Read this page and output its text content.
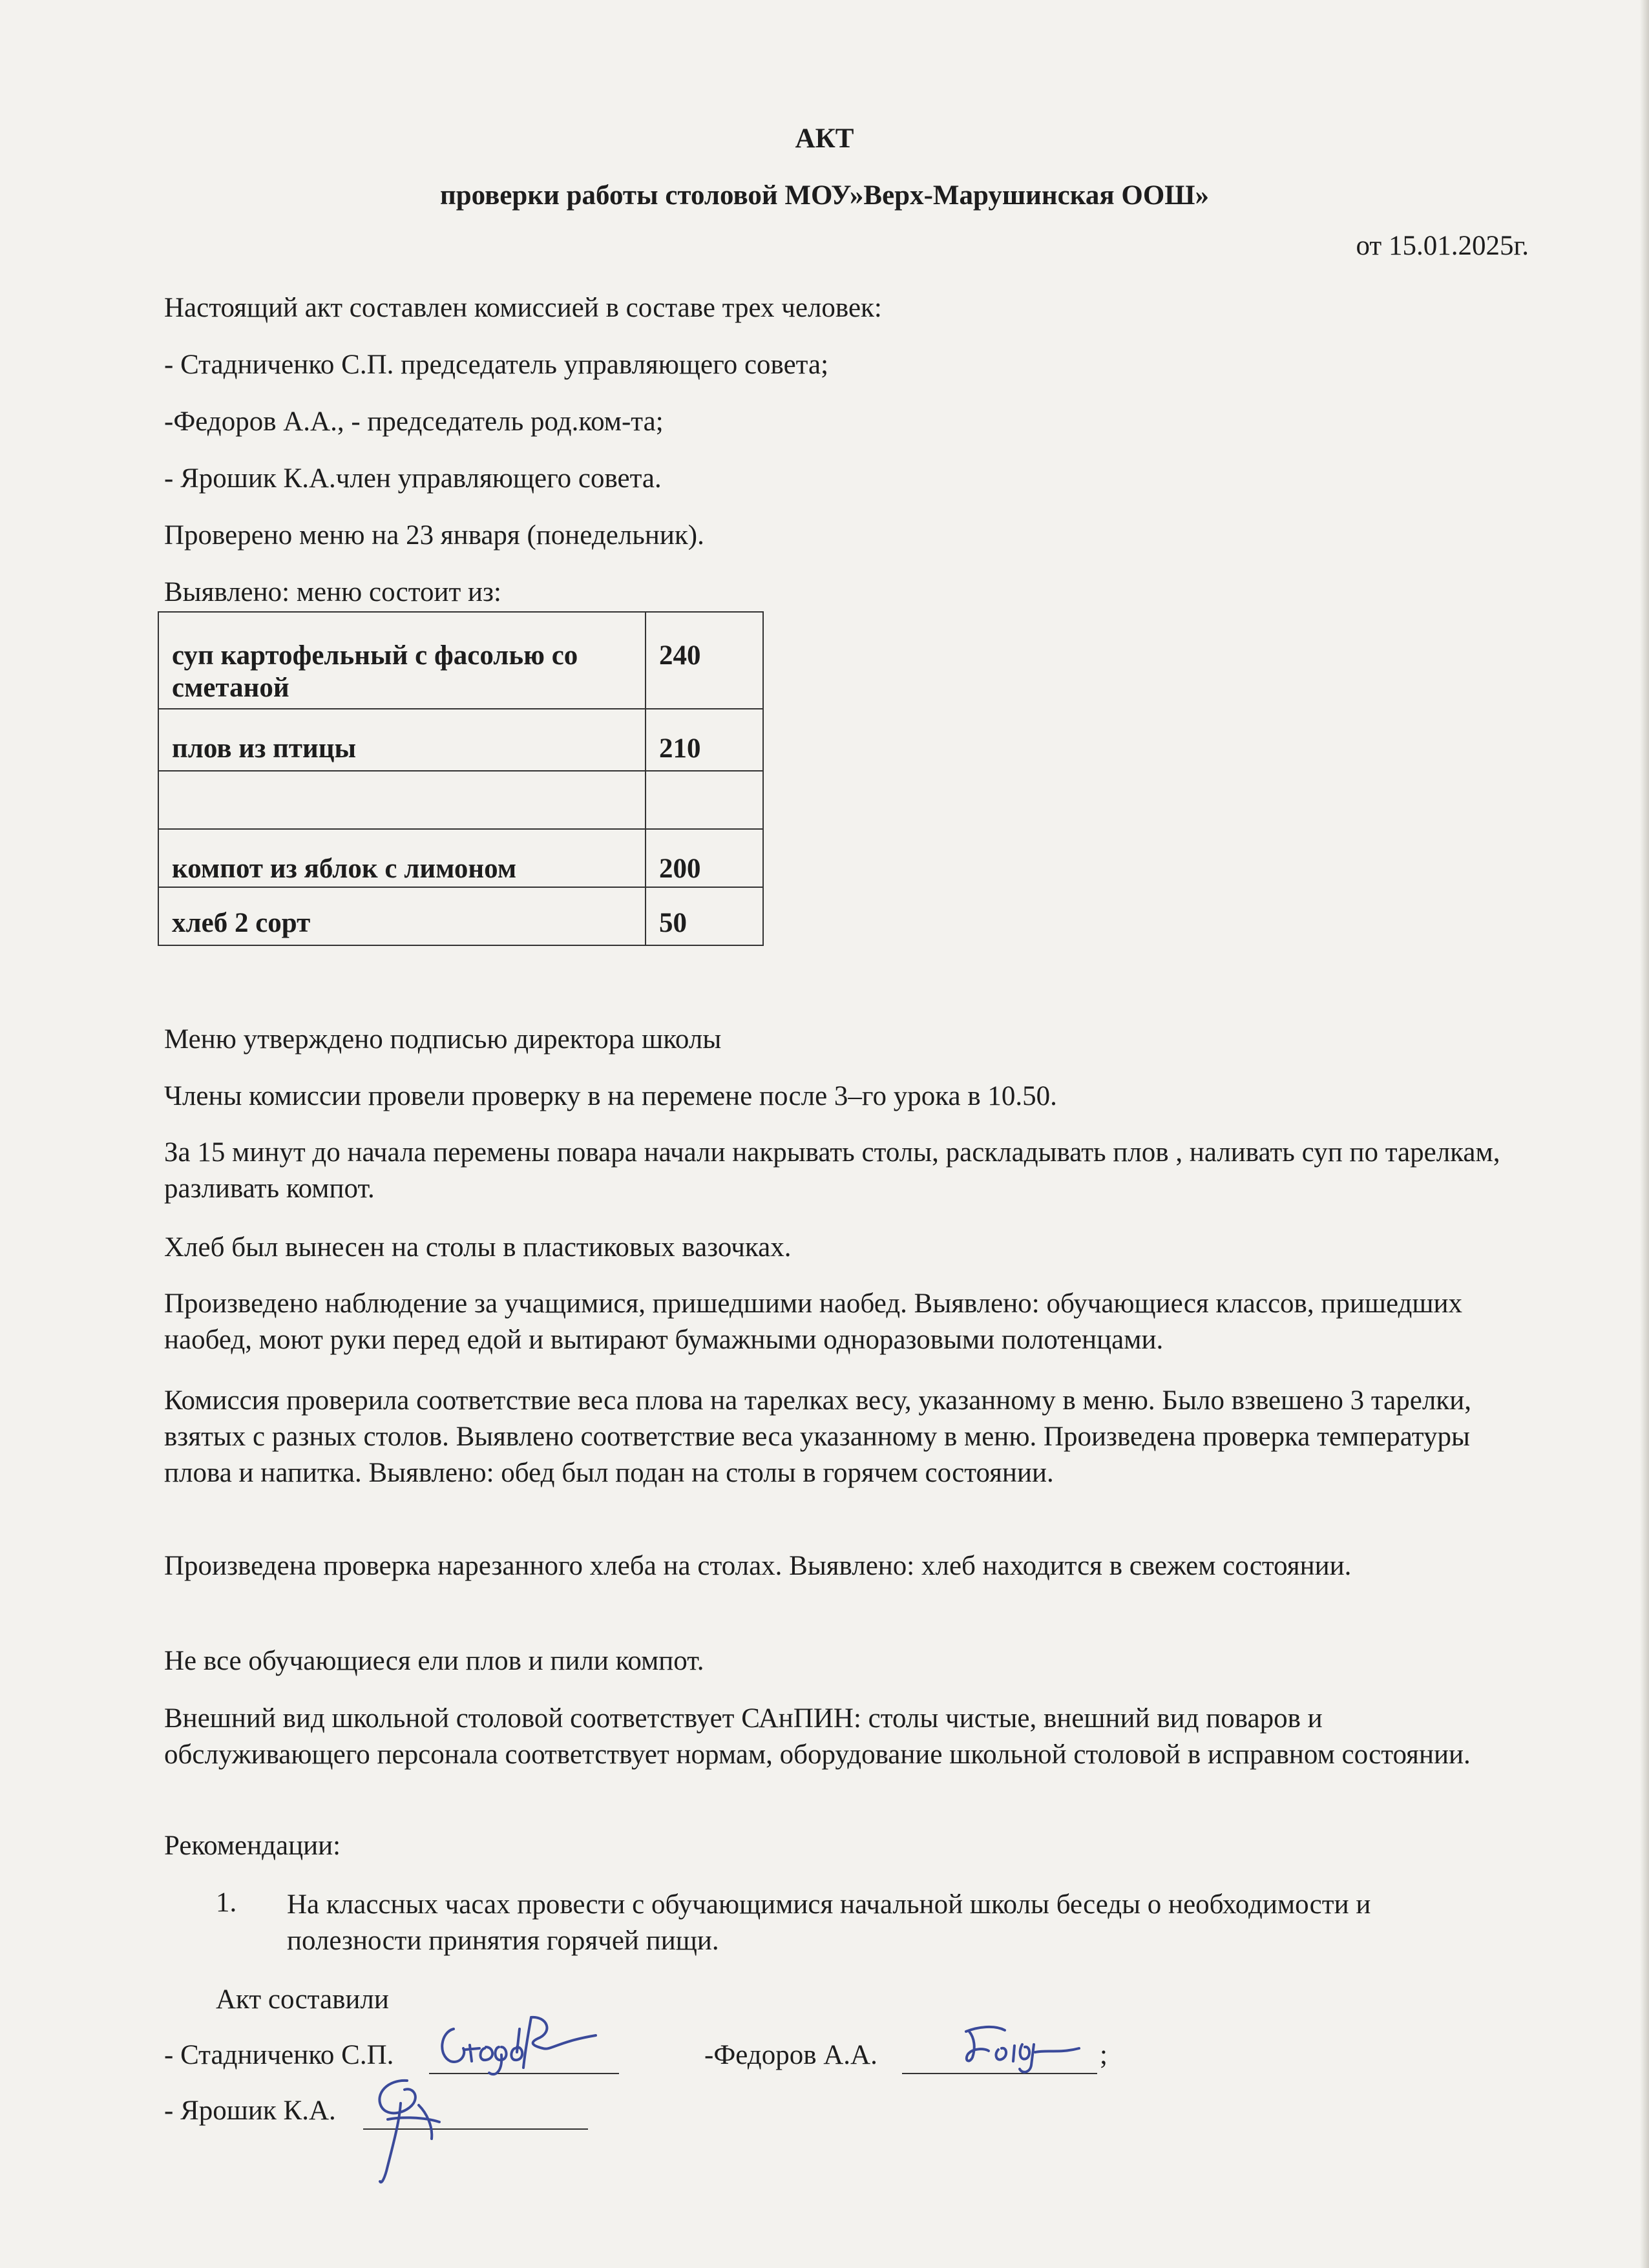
АКТ
проверки работы столовой МОУ»Верх-Марушинская ООШ»
от 15.01.2025г.
Настоящий акт составлен комиссией в составе трех человек:
- Стадниченко С.П. председатель управляющего совета;
-Федоров А.А., - председатель род.ком-та;
- Ярошик К.А.член управляющего совета.
Проверено меню на 23 января (понедельник).
Выявлено: меню состоит из:
суп картофельный с фасолью со сметаной	240
плов из птицы	210

компот из яблок с лимоном	200
хлеб 2 сорт	50
Меню утверждено подписью директора школы
Члены комиссии провели проверку в на перемене после 3–го урока в 10.50.
За 15 минут до начала перемены повара начали накрывать столы, раскладывать плов , наливать суп по тарелкам, разливать компот.
Хлеб был вынесен на столы в пластиковых вазочках.
Произведено наблюдение за учащимися, пришедшими наобед. Выявлено: обучающиеся классов, пришедших наобед, моют руки перед едой и вытирают бумажными одноразовыми полотенцами.
Комиссия проверила соответствие веса плова на тарелках весу, указанному в меню. Было взвешено 3 тарелки, взятых с разных столов. Выявлено соответствие веса указанному в меню. Произведена проверка температуры плова и напитка. Выявлено: обед был подан на столы в горячем состоянии.
Произведена проверка нарезанного хлеба на столах. Выявлено: хлеб находится в свежем состоянии.
Не все обучающиеся ели плов и пили компот.
Внешний вид школьной столовой соответствует САнПИН: столы чистые, внешний вид поваров и обслуживающего персонала соответствует нормам, оборудование школьной столовой в исправном состоянии.
Рекомендации:
1. На классных часах провести с обучающимися начальной школы беседы о необходимости и полезности принятия горячей пищи.
Акт составили
- Стадниченко С.П.	-Федоров А.А.	;
- Ярошик К.А.
